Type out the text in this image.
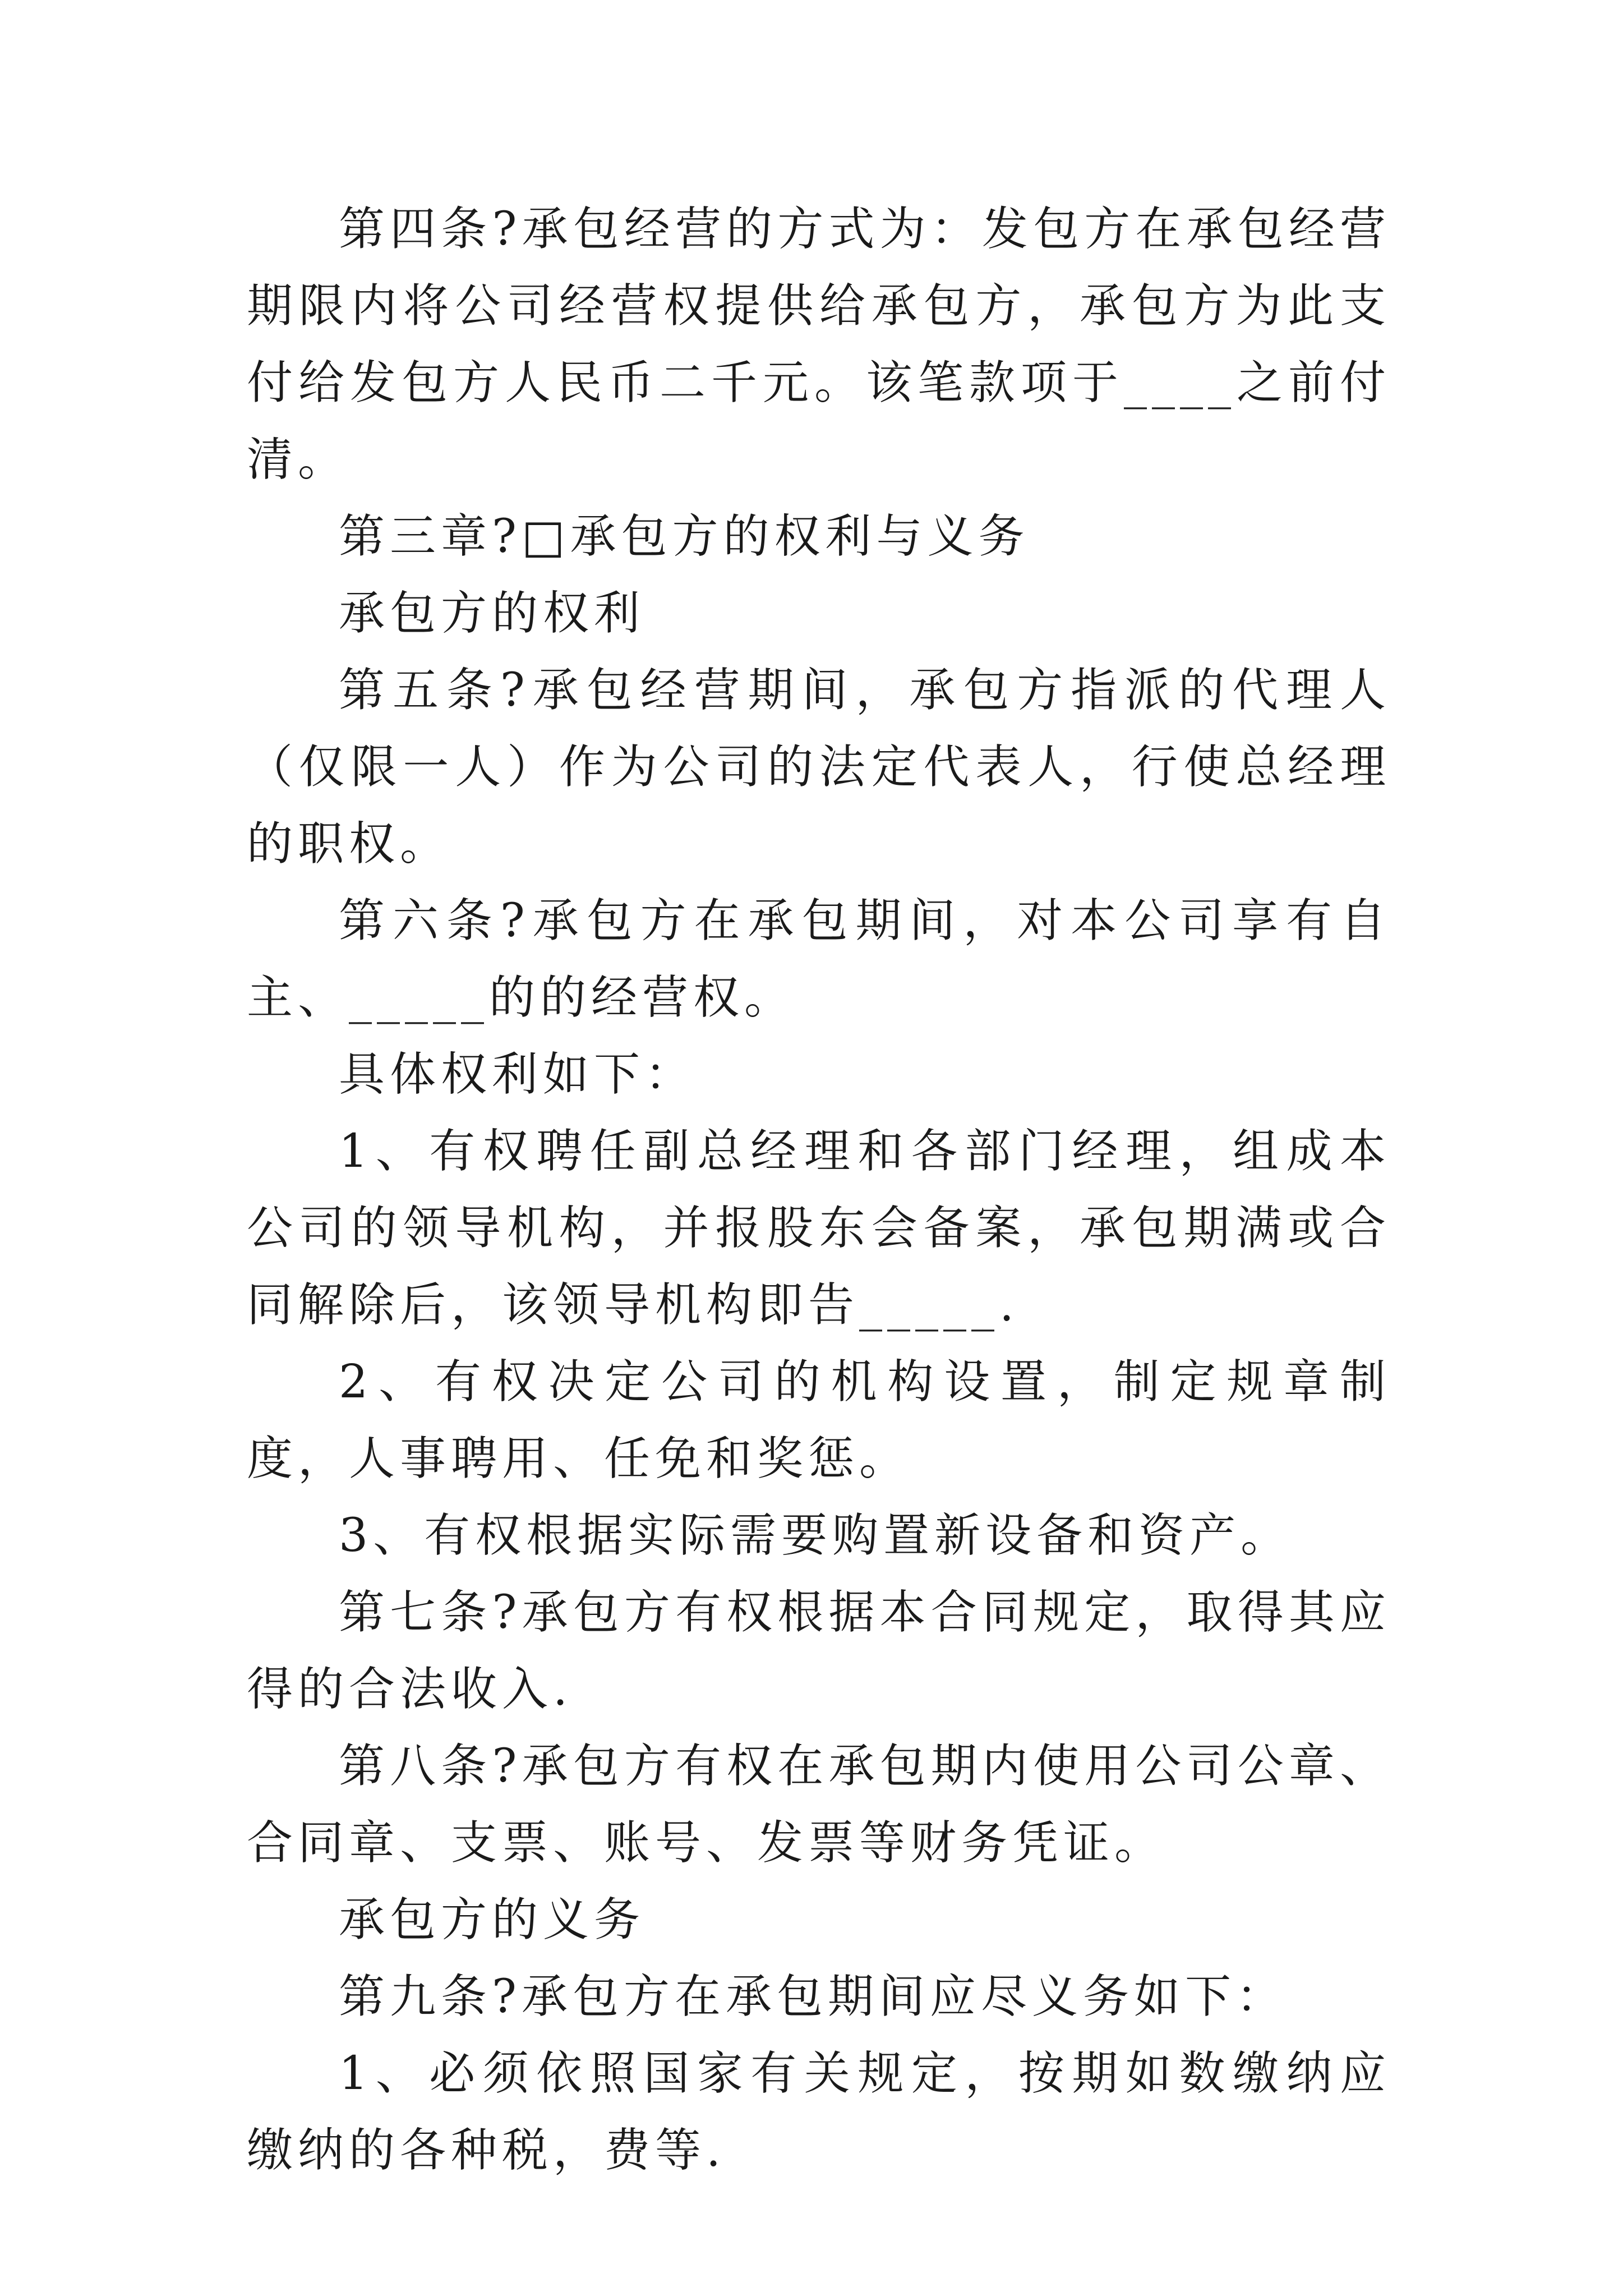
第四条?承包经营的方式为：发包方在承包经营期限内将公司经营权提供给承包方，承包方为此支付给发包方人民币二千元。该笔款项于____之前付清。

第三章?□承包方的权利与义务

承包方的权利

第五条?承包经营期间，承包方指派的代理人（仅限一人）作为公司的法定代表人，行使总经理的职权。

第六条?承包方在承包期间，对本公司享有自主、_____的的经营权。

具体权利如下：

1、有权聘任副总经理和各部门经理，组成本公司的领导机构，并报股东会备案，承包期满或合同解除后，该领导机构即告_____.

2、有权决定公司的机构设置，制定规章制度，人事聘用、任免和奖惩。

3、有权根据实际需要购置新设备和资产。

第七条?承包方有权根据本合同规定，取得其应得的合法收入.

第八条?承包方有权在承包期内使用公司公章、合同章、支票、账号、发票等财务凭证。

承包方的义务

第九条?承包方在承包期间应尽义务如下：

1、必须依照国家有关规定，按期如数缴纳应缴纳的各种税，费等.
